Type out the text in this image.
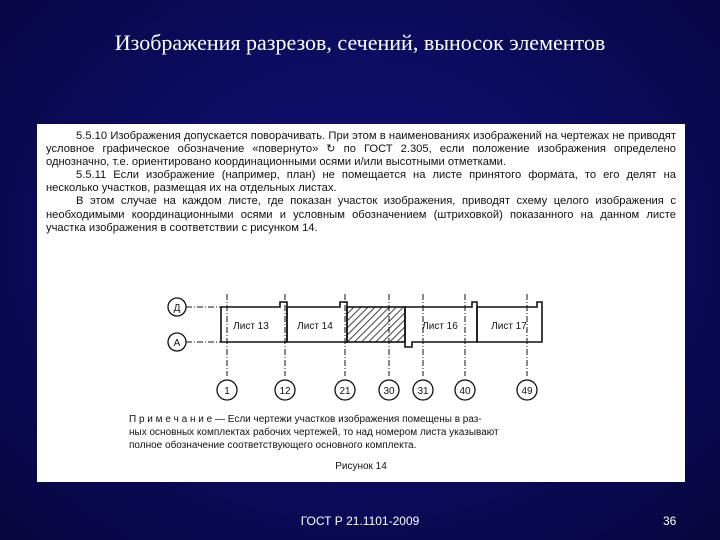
Изображения разрезов, сечений, выносок элементов

5.5.10 Изображения допускается поворачивать. При этом в наименованиях изображений на чертежах не приводят условное графическое обозначение «повернуто» ↻ по ГОСТ 2.305, если положение изображения определено однозначно, т.е. ориентировано координационными осями и/или высотными отметками.

5.5.11 Если изображение (например, план) не помещается на листе принятого формата, то его делят на несколько участков, размещая их на отдельных листах.

В этом случае на каждом листе, где показан участок изображения, приводят схему целого изображения с необходимыми координационными осями и условным обозначением (штриховкой) показанного на данном листе участка изображения в соответствии с рисунком 14.

Д
А
Лист 13	Лист 14	Лист 16	Лист 17
1	12	21	30 31	40	49
П р и м е ч а н и е — Если чертежи участков изображения помещены в раз-
ных основных комплектах рабочих чертежей, то над номером листа указывают
полное обозначение соответствующего основного комплекта.
Рисунок 14
ГОСТ Р 21.1101-2009	36
